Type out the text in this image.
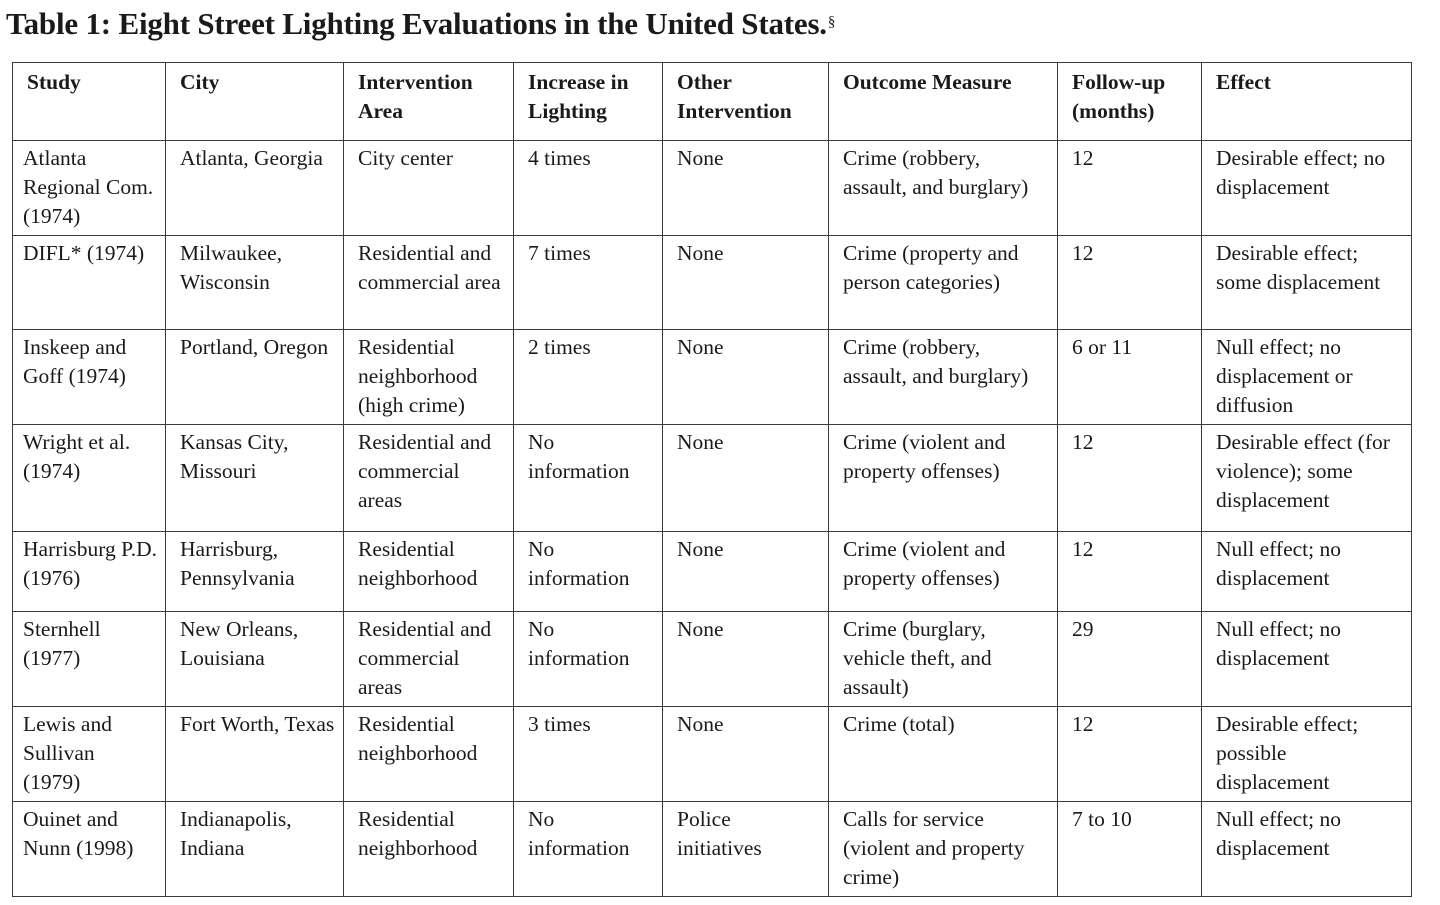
Table 1: Eight Street Lighting Evaluations in the United States.§
Study	City	Intervention Area	Increase in Lighting	Other Intervention	Outcome Measure	Follow-up (months)	Effect
Atlanta Regional Com. (1974)	Atlanta, Georgia	City center	4 times	None	Crime (robbery, assault, and burglary)	12	Desirable effect; no displacement
DIFL* (1974)	Milwaukee, Wisconsin	Residential and commercial area	7 times	None	Crime (property and person categories)	12	Desirable effect; some displacement
Inskeep and Goff (1974)	Portland, Oregon	Residential neighborhood (high crime)	2 times	None	Crime (robbery, assault, and burglary)	6 or 11	Null effect; no displacement or diffusion
Wright et al. (1974)	Kansas City, Missouri	Residential and commercial areas	No information	None	Crime (violent and property offenses)	12	Desirable effect (for violence); some displacement
Harrisburg P.D. (1976)	Harrisburg, Pennsylvania	Residential neighborhood	No information	None	Crime (violent and property offenses)	12	Null effect; no displacement
Sternhell (1977)	New Orleans, Louisiana	Residential and commercial areas	No information	None	Crime (burglary, vehicle theft, and assault)	29	Null effect; no displacement
Lewis and Sullivan (1979)	Fort Worth, Texas	Residential neighborhood	3 times	None	Crime (total)	12	Desirable effect; possible displacement
Ouinet and Nunn (1998)	Indianapolis, Indiana	Residential neighborhood	No information	Police initiatives	Calls for service (violent and property crime)	7 to 10	Null effect; no displacement
